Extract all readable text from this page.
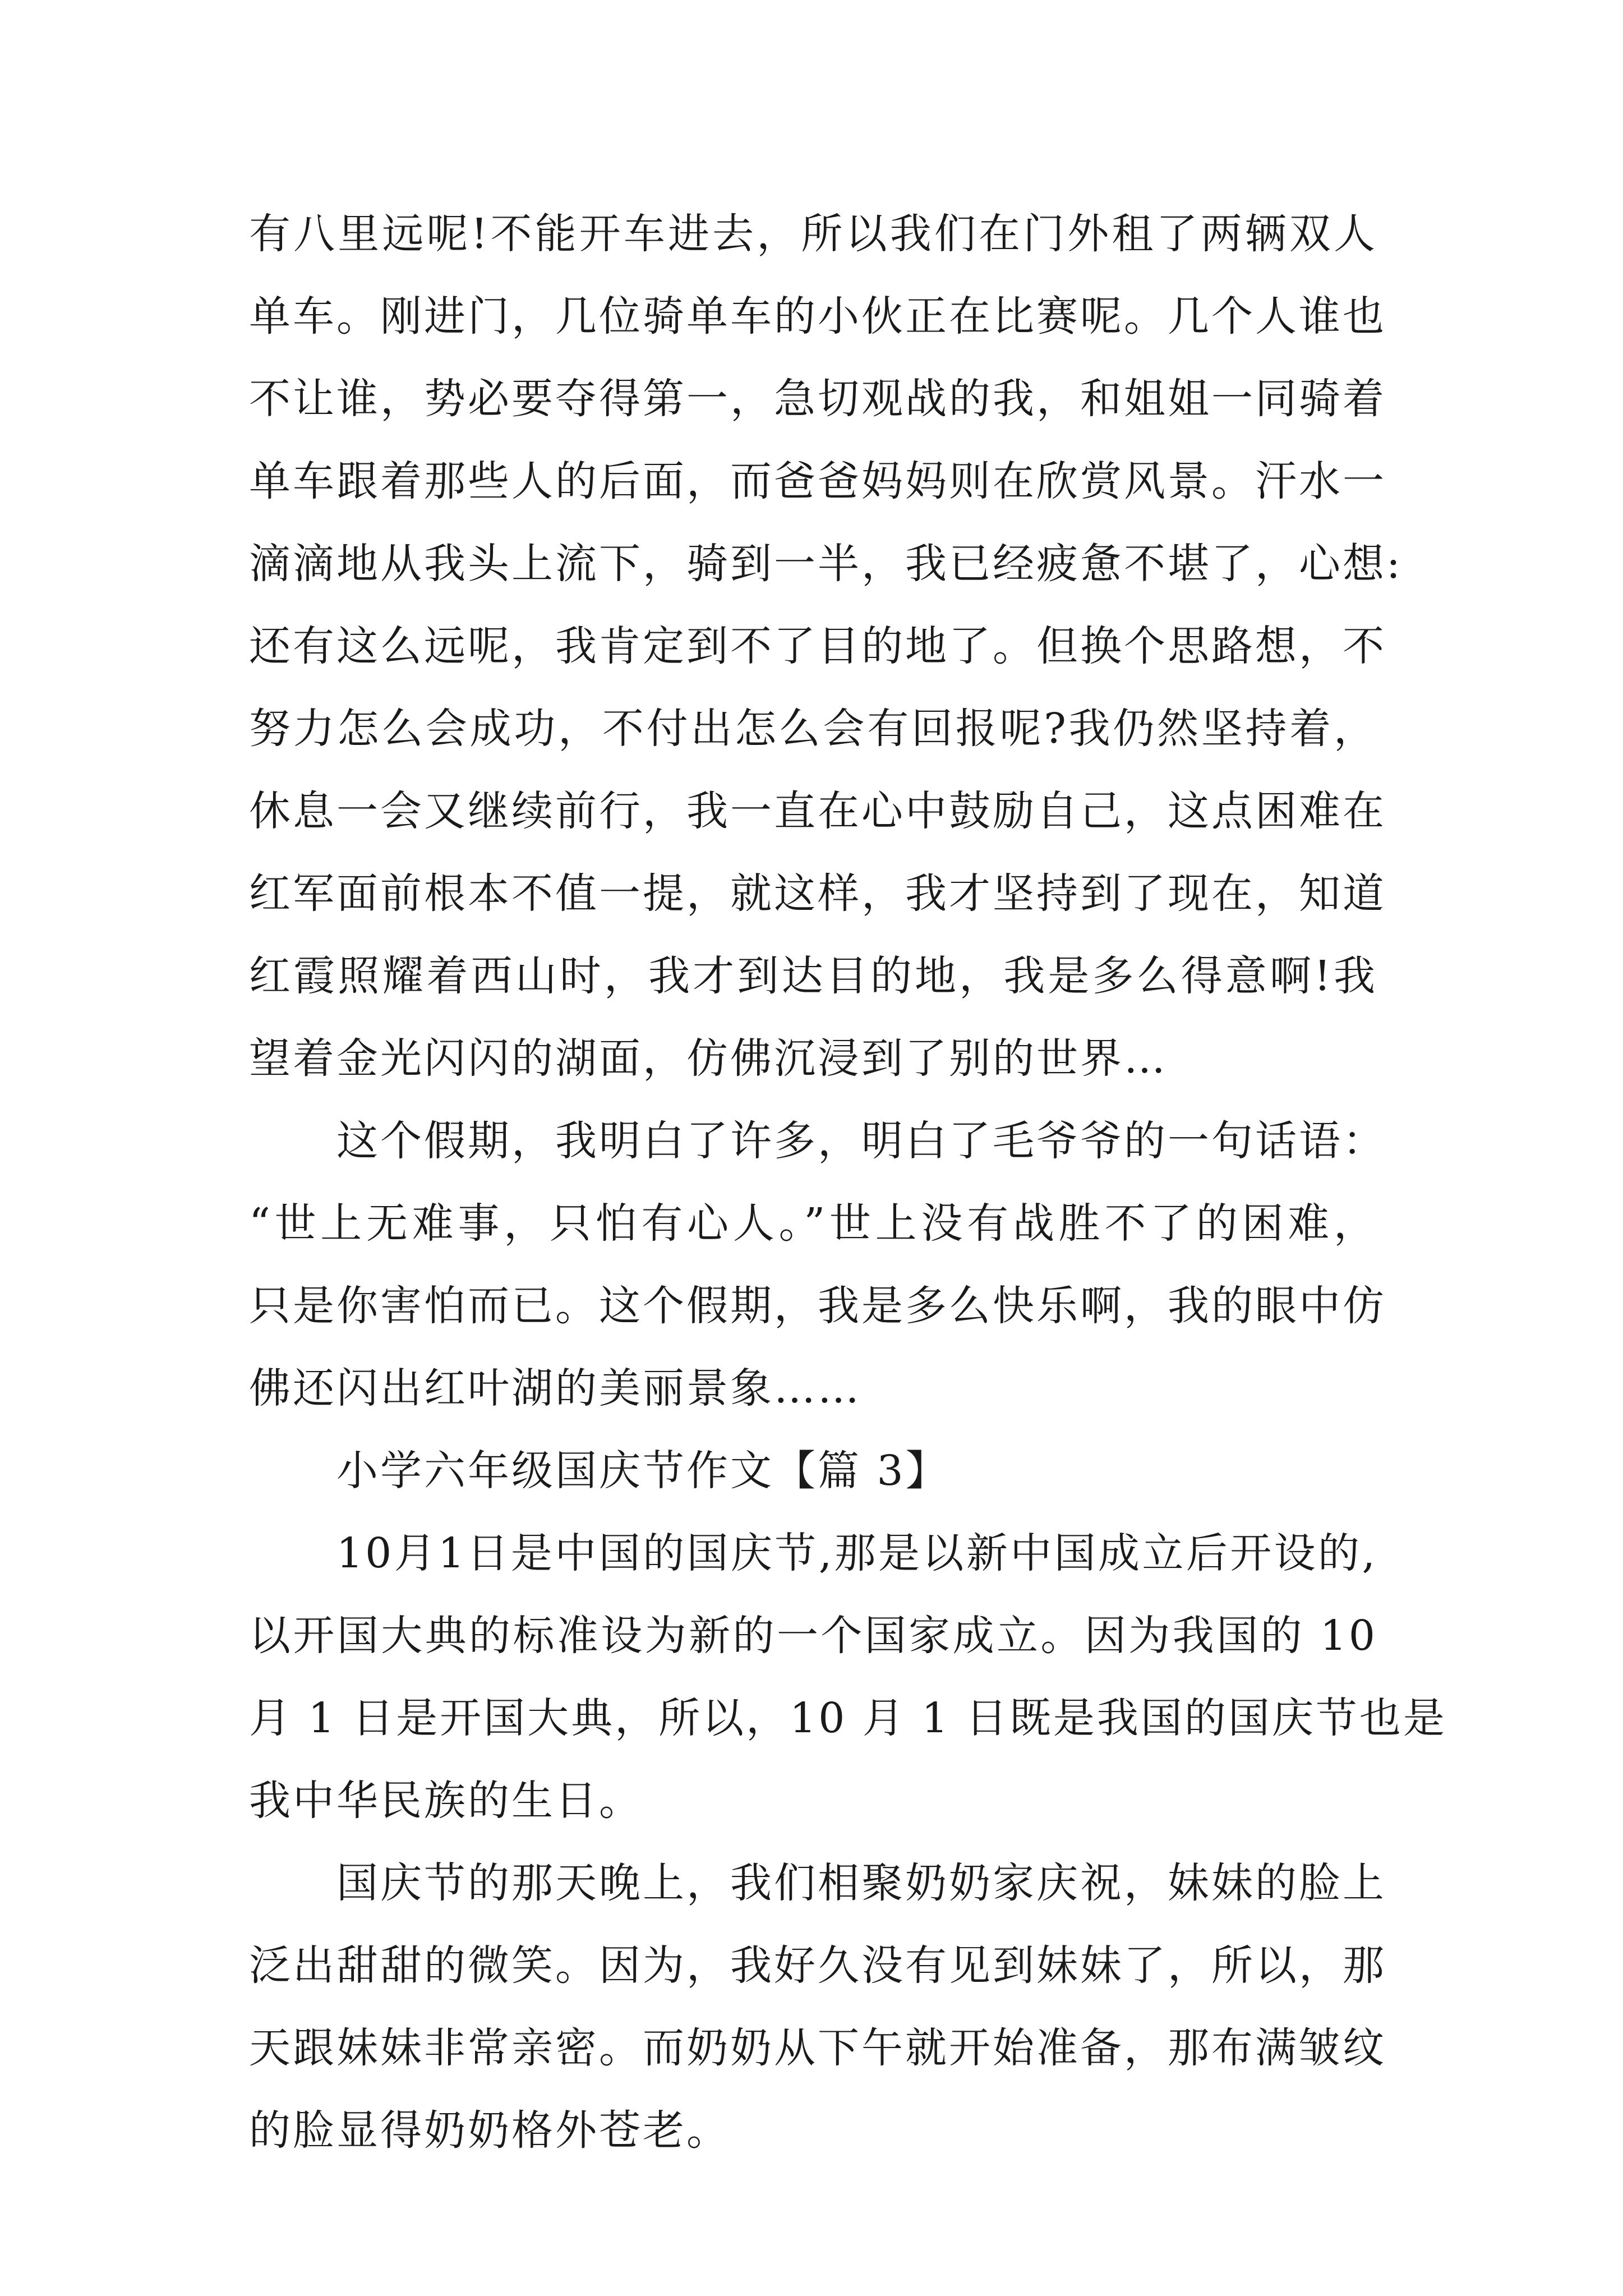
有八里远呢!不能开车进去，所以我们在门外租了两辆双人
单车。刚进门，几位骑单车的小伙正在比赛呢。几个人谁也
不让谁，势必要夺得第一，急切观战的我，和姐姐一同骑着
单车跟着那些人的后面，而爸爸妈妈则在欣赏风景。汗水一
滴滴地从我头上流下，骑到一半，我已经疲惫不堪了，心想:
还有这么远呢，我肯定到不了目的地了。但换个思路想，不
努力怎么会成功，不付出怎么会有回报呢?我仍然坚持着，
休息一会又继续前行，我一直在心中鼓励自己，这点困难在
红军面前根本不值一提，就这样，我才坚持到了现在，知道
红霞照耀着西山时，我才到达目的地，我是多么得意啊!我
望着金光闪闪的湖面，仿佛沉浸到了别的世界…
这个假期，我明白了许多，明白了毛爷爷的一句话语：
“世上无难事，只怕有心人。”世上没有战胜不了的困难，
只是你害怕而已。这个假期，我是多么快乐啊，我的眼中仿
佛还闪出红叶湖的美丽景象……
小学六年级国庆节作文【篇 3】
10月1日是中国的国庆节,那是以新中国成立后开设的,
以开国大典的标准设为新的一个国家成立。因为我国的 10
月 1 日是开国大典，所以，10 月 1 日既是我国的国庆节也是
我中华民族的生日。
国庆节的那天晚上，我们相聚奶奶家庆祝，妹妹的脸上
泛出甜甜的微笑。因为，我好久没有见到妹妹了，所以，那
天跟妹妹非常亲密。而奶奶从下午就开始准备，那布满皱纹
的脸显得奶奶格外苍老。
